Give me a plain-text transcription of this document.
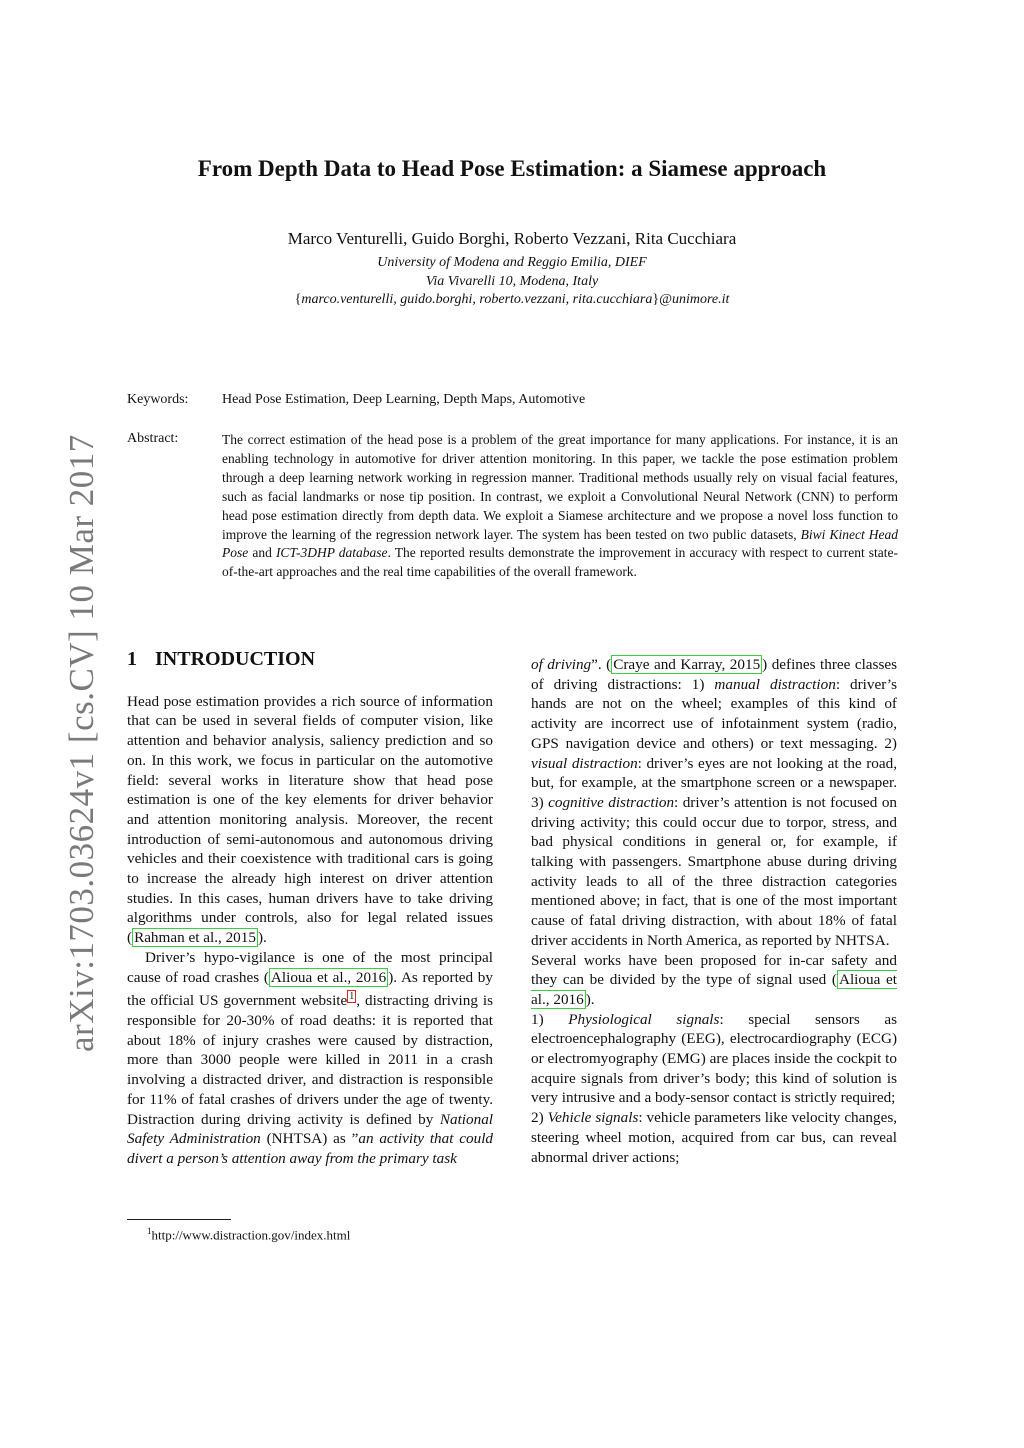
arXiv:1703.03624v1 [cs.CV] 10 Mar 2017
From Depth Data to Head Pose Estimation: a Siamese approach
Marco Venturelli, Guido Borghi, Roberto Vezzani, Rita Cucchiara
University of Modena and Reggio Emilia, DIEF
Via Vivarelli 10, Modena, Italy
{marco.venturelli, guido.borghi, roberto.vezzani, rita.cucchiara}@unimore.it
Keywords: Head Pose Estimation, Deep Learning, Depth Maps, Automotive
Abstract:	The correct estimation of the head pose is a problem of the great importance for many applications. For instance, it is an enabling technology in automotive for driver attention monitoring. In this paper, we tackle the pose estimation problem through a deep learning network working in regression manner. Traditional methods usually rely on visual facial features, such as facial landmarks or nose tip position. In contrast, we exploit a Convolutional Neural Network (CNN) to perform head pose estimation directly from depth data. We exploit a Siamese architecture and we propose a novel loss function to improve the learning of the regression network layer. The system has been tested on two public datasets, Biwi Kinect Head Pose and ICT-3DHP database. The reported results demonstrate the improvement in accuracy with respect to current state-of-the-art approaches and the real time capabilities of the overall framework.

1 INTRODUCTION

Head pose estimation provides a rich source of information that can be used in several fields of computer vision, like attention and behavior analysis, saliency prediction and so on. In this work, we focus in particular on the automotive field: several works in literature show that head pose estimation is one of the key elements for driver behavior and attention monitoring analysis. Moreover, the recent introduction of semi-autonomous and autonomous driving vehicles and their coexistence with traditional cars is going to increase the already high interest on driver attention studies. In this cases, human drivers have to take driving algorithms under controls, also for legal related issues ( Rahman et al., 2015 ).

Driver’s hypo-vigilance is one of the most principal cause of road crashes ( Alioua et al., 2016 ). As reported by the official US government website $^1$ , distracting driving is responsible for 20-30% of road deaths: it is reported that about 18% of injury crashes were caused by distraction, more than 3000 people were killed in 2011 in a crash involving a distracted driver, and distraction is responsible for 11% of fatal crashes of drivers under the age of twenty. Distraction during driving activity is defined by National Safety Administration (NHTSA) as ”an activity that could divert a person’s attention away from the primary task

of driving”. ( Craye and Karray, 2015 ) defines three classes of driving distractions: 1) manual distraction: driver’s hands are not on the wheel; examples of this kind of activity are incorrect use of infotainment system (radio, GPS navigation device and others) or text messaging. 2) visual distraction: driver’s eyes are not looking at the road, but, for example, at the smartphone screen or a newspaper. 3) cognitive distraction: driver’s attention is not focused on driving activity; this could occur due to torpor, stress, and bad physical conditions in general or, for example, if talking with passengers. Smartphone abuse during driving activity leads to all of the three distraction categories mentioned above; in fact, that is one of the most important cause of fatal driving distraction, with about 18% of fatal driver accidents in North America, as reported by NHTSA.

Several works have been proposed for in-car safety and they can be divided by the type of signal used ( Alioua et al., 2016 ).

1) Physiological signals: special sensors as electroencephalography (EEG), electrocardiography (ECG) or electromyography (EMG) are places inside the cockpit to acquire signals from driver’s body; this kind of solution is very intrusive and a body-sensor contact is strictly required;

2) Vehicle signals: vehicle parameters like velocity changes, steering wheel motion, acquired from car bus, can reveal abnormal driver actions;

$^1$http://www.distraction.gov/index.html
